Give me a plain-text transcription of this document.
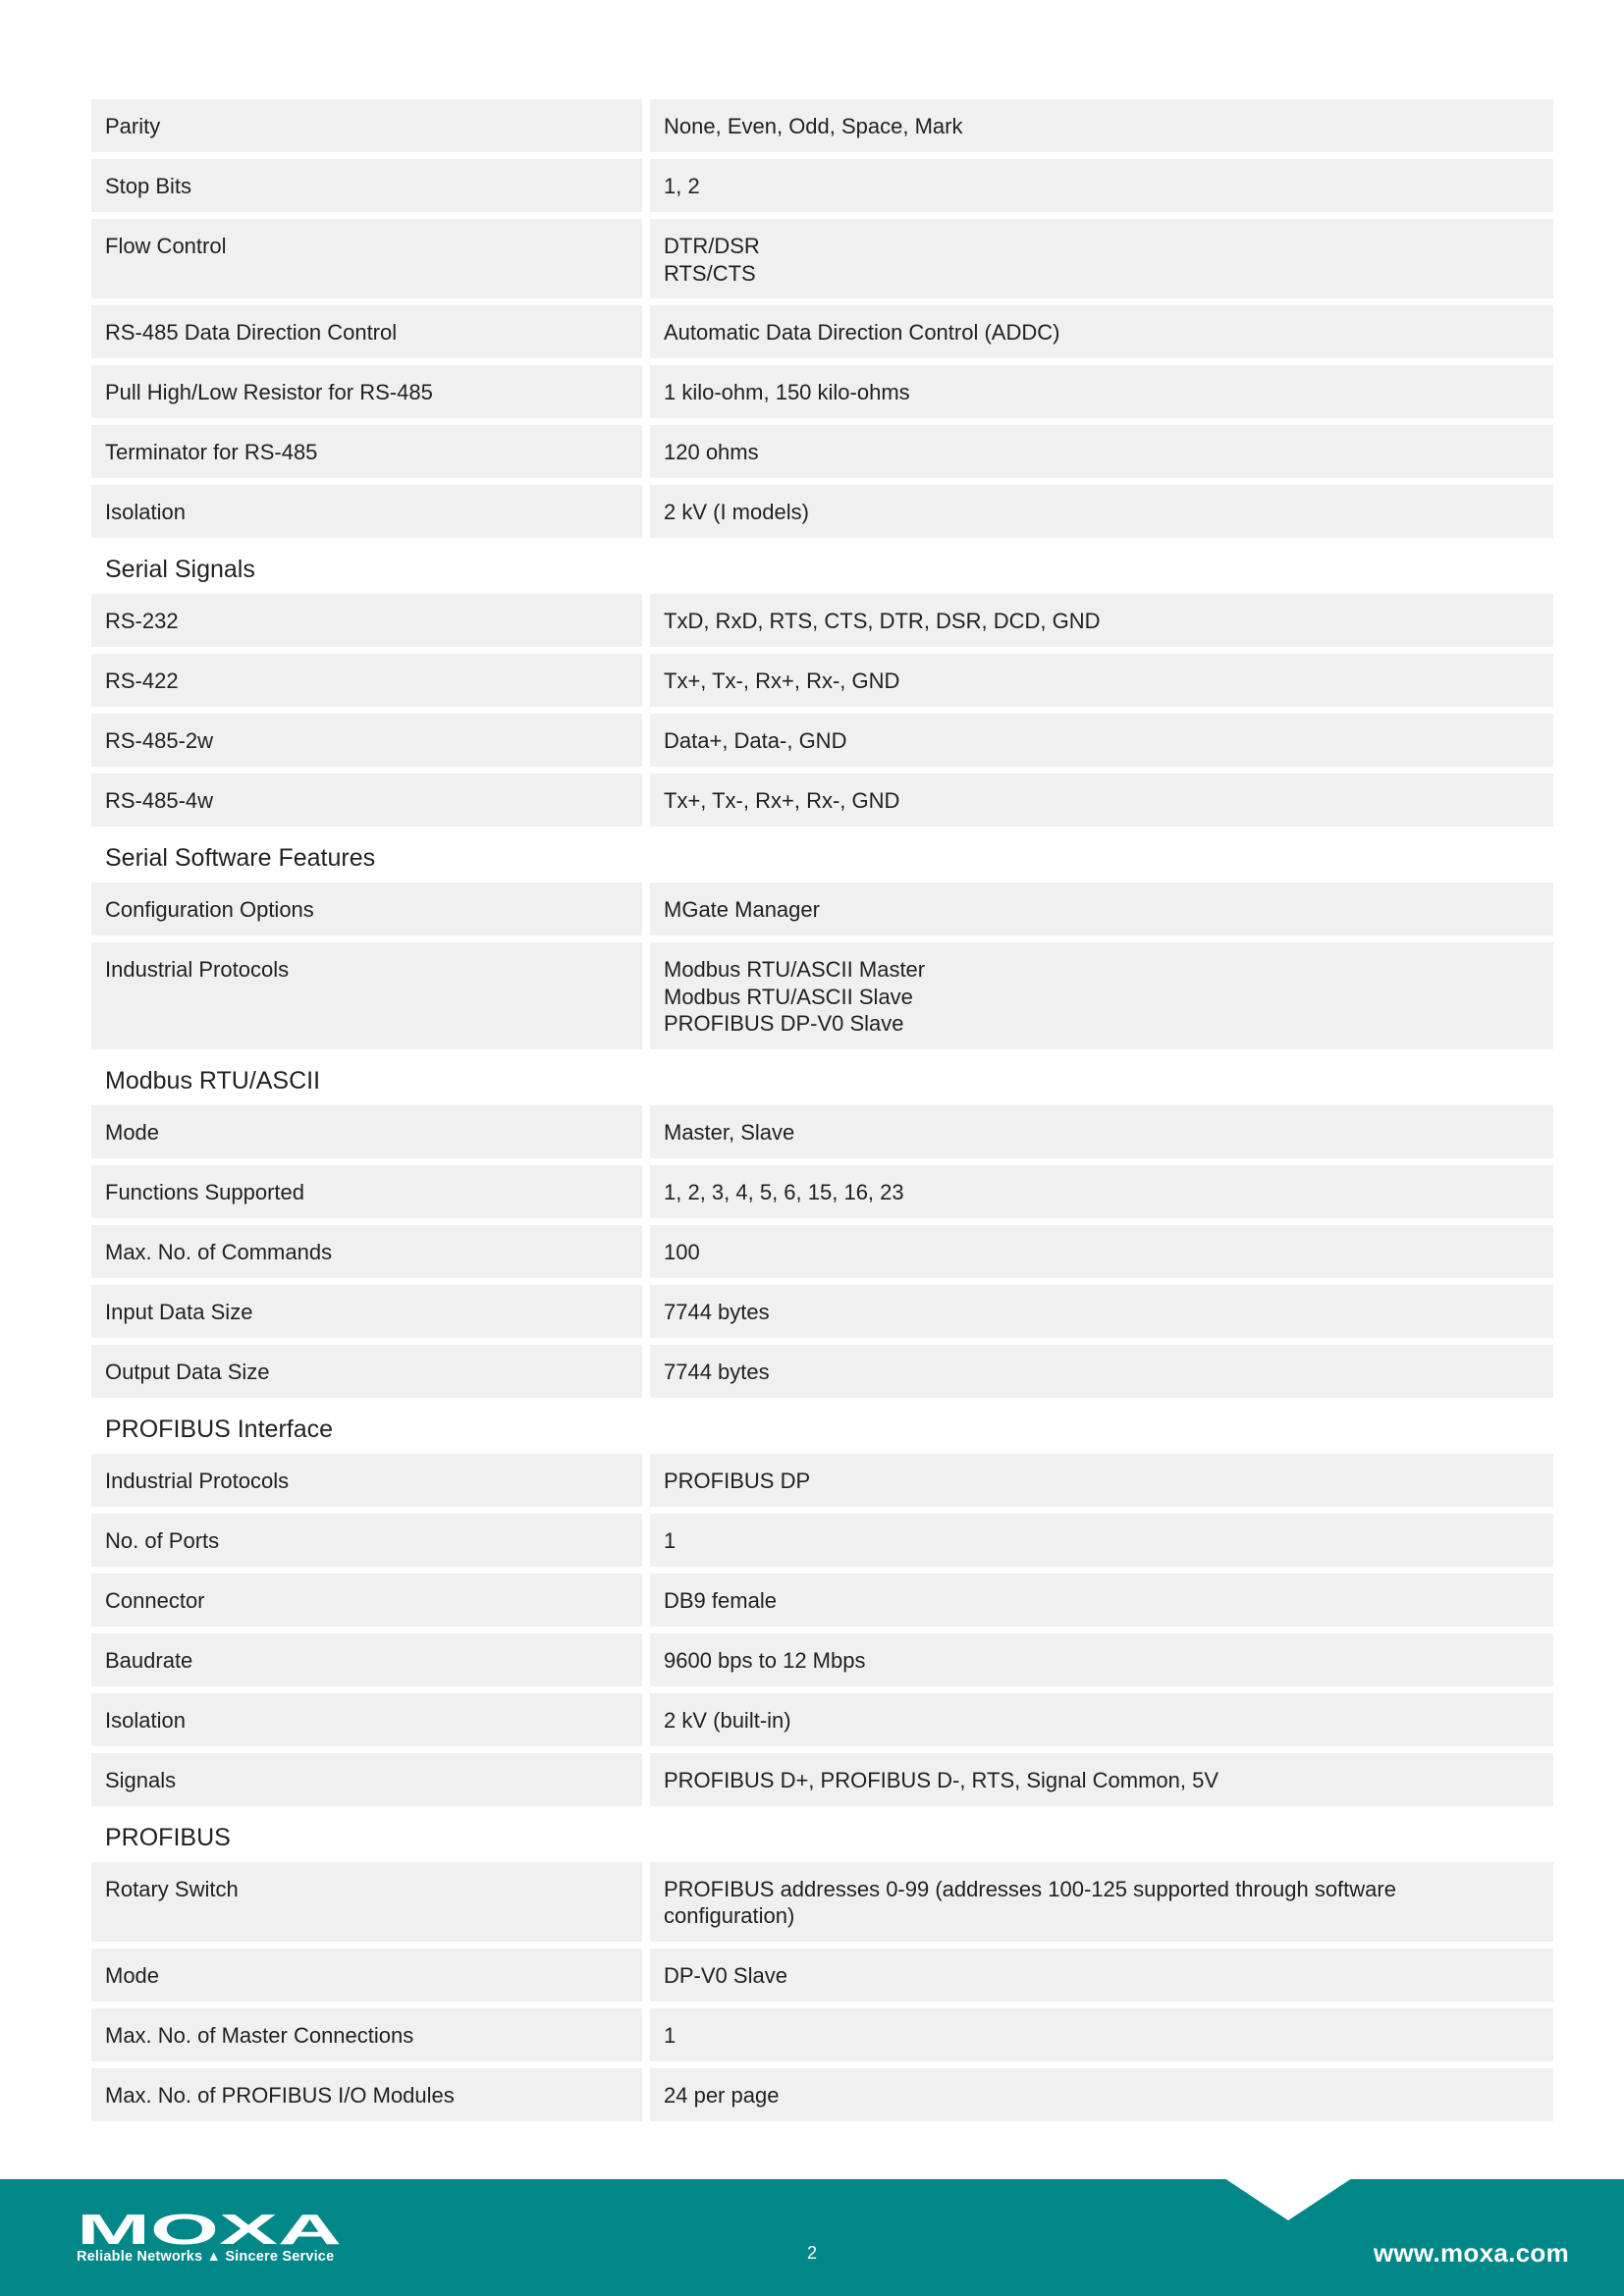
Parity	None, Even, Odd, Space, Mark
Stop Bits	1, 2
Flow Control	DTR/DSR
RTS/CTS
RS-485 Data Direction Control	Automatic Data Direction Control (ADDC)
Pull High/Low Resistor for RS-485	1 kilo-ohm, 150 kilo-ohms
Terminator for RS-485	120 ohms
Isolation	2 kV (I models)
Serial Signals
RS-232	TxD, RxD, RTS, CTS, DTR, DSR, DCD, GND
RS-422	Tx+, Tx-, Rx+, Rx-, GND
RS-485-2w	Data+, Data-, GND
RS-485-4w	Tx+, Tx-, Rx+, Rx-, GND
Serial Software Features
Configuration Options	MGate Manager
Industrial Protocols	Modbus RTU/ASCII Master
Modbus RTU/ASCII Slave
PROFIBUS DP-V0 Slave
Modbus RTU/ASCII
Mode	Master, Slave
Functions Supported	1, 2, 3, 4, 5, 6, 15, 16, 23
Max. No. of Commands	100
Input Data Size	7744 bytes
Output Data Size	7744 bytes
PROFIBUS Interface
Industrial Protocols	PROFIBUS DP
No. of Ports	1
Connector	DB9 female
Baudrate	9600 bps to 12 Mbps
Isolation	2 kV (built-in)
Signals	PROFIBUS D+, PROFIBUS D-, RTS, Signal Common, 5V
PROFIBUS
Rotary Switch	PROFIBUS addresses 0-99 (addresses 100-125 supported through software
configuration)
Mode	DP-V0 Slave
Max. No. of Master Connections	1
Max. No. of PROFIBUS I/O Modules	24 per page
MOXA
Reliable Networks ▲ Sincere Service	2	www.moxa.com
